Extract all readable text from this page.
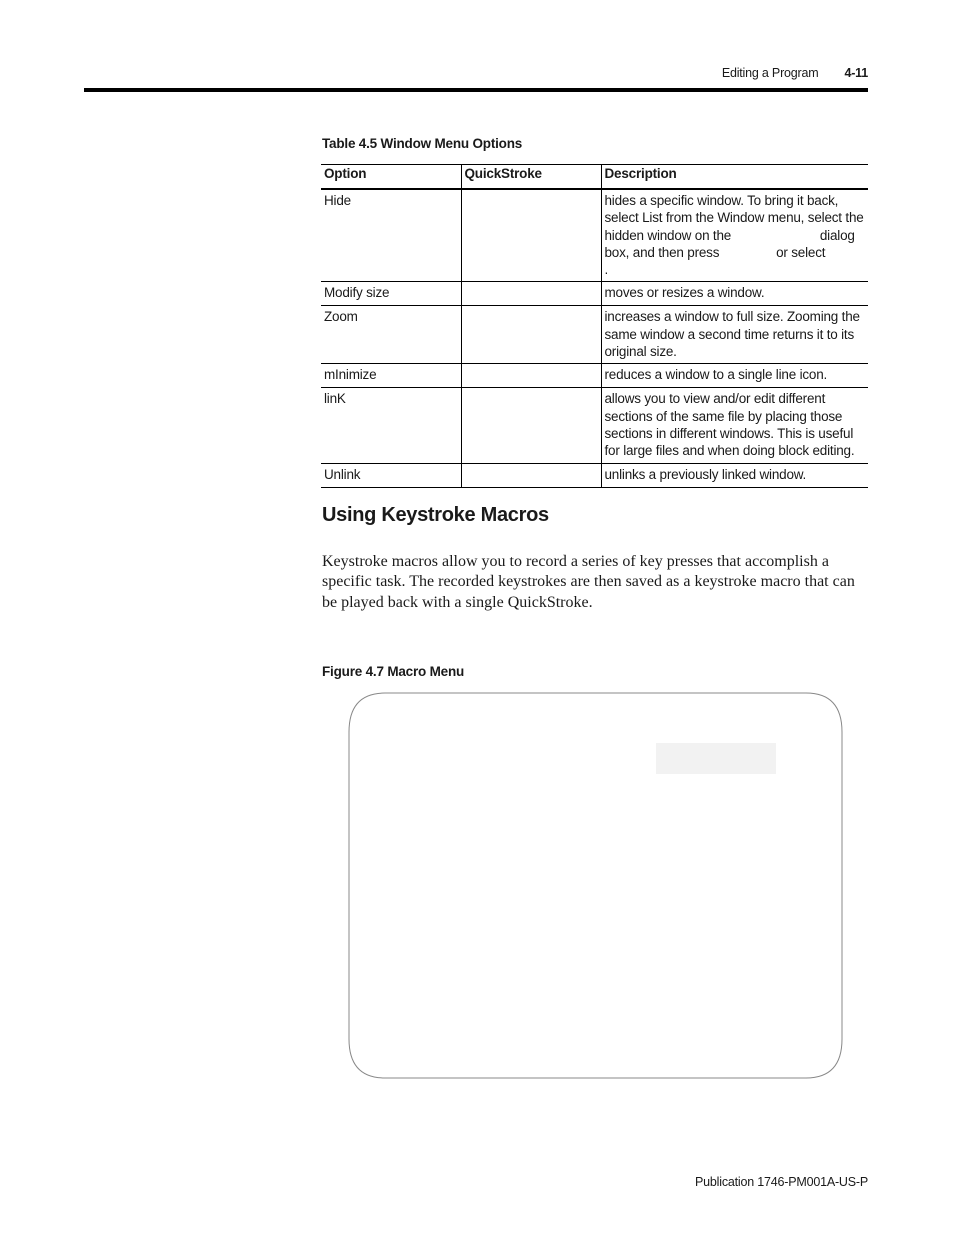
Editing a Program 4-11
Table 4.5 Window Menu Options
Option	QuickStroke	Description
Hide		hides a specific window. To bring it back, select List from the Window menu, select the hidden window on the                         dialog box, and then press                or select                .
Modify size		moves or resizes a window.
Zoom		increases a window to full size. Zooming the same window a second time returns it to its original size.
mInimize		reduces a window to a single line icon.
linK		allows you to view and/or edit different sections of the same file by placing those sections in different windows. This is useful for large files and when doing block editing.
Unlink		unlinks a previously linked window.
Using Keystroke Macros

Keystroke macros allow you to record a series of key presses that accomplish a specific task. The recorded keystrokes are then saved as a keystroke macro that can be played back with a single QuickStroke.

Figure 4.7 Macro Menu
Publication 1746-PM001A-US-P
